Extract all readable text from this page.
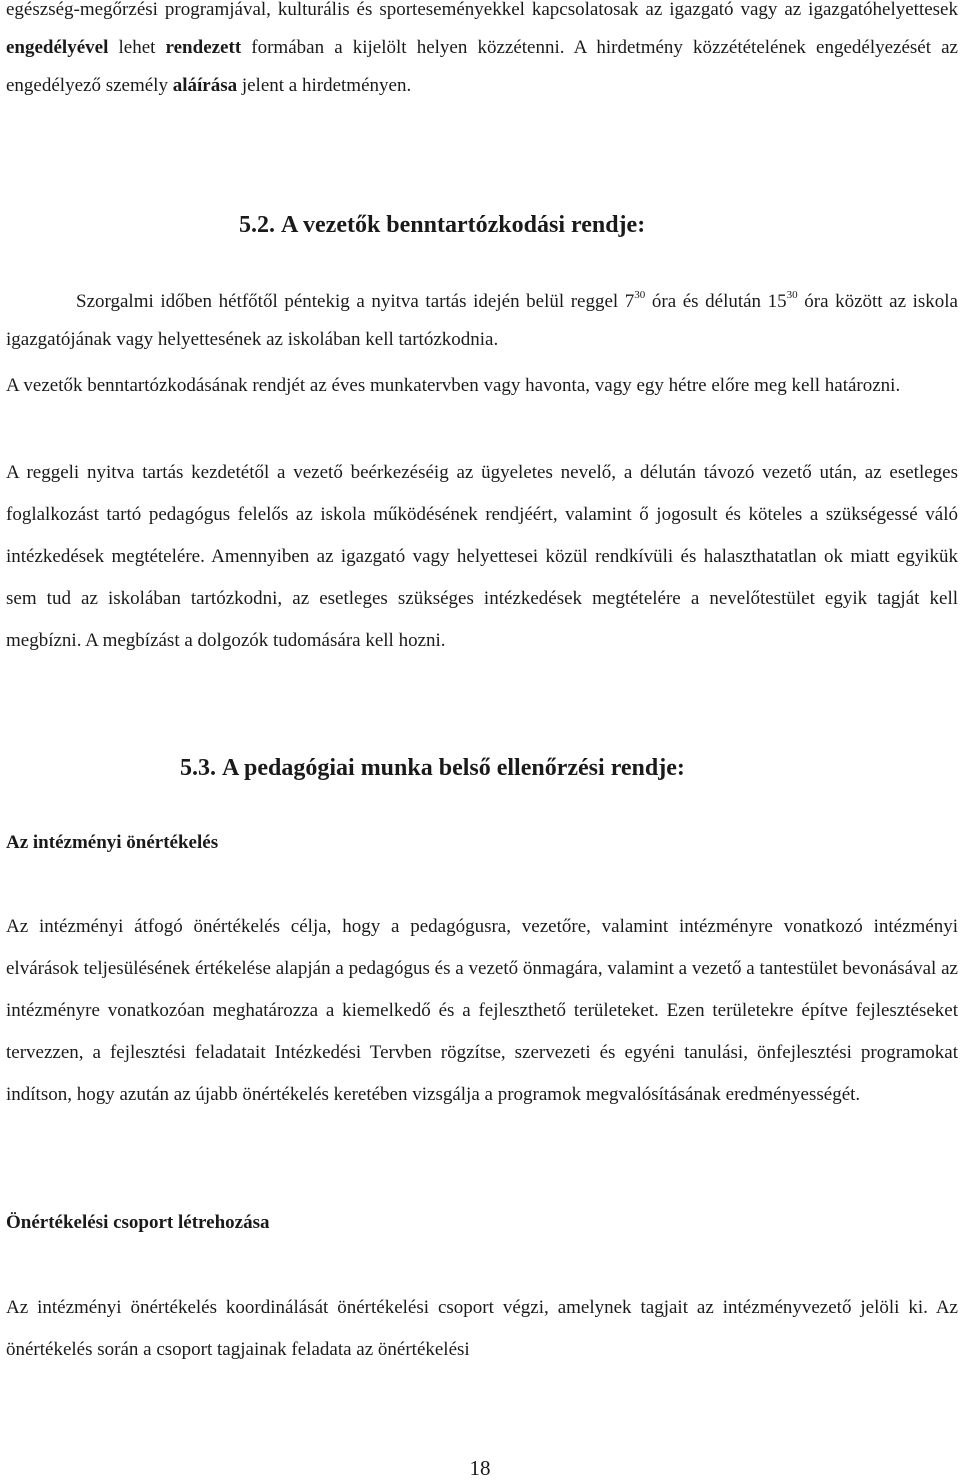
egészség-megőrzési programjával, kulturális és sporteseményekkel kapcsolatosak az igazgató vagy az igazgatóhelyettesek engedélyével lehet rendezett formában a kijelölt helyen közzétenni. A hirdetmény közzétételének engedélyezését az engedélyező személy aláírása jelent a hirdetményen.

5.2. A vezetők benntartózkodási rendje:

Szorgalmi időben hétfőtől péntekig a nyitva tartás idején belül reggel $7^{30}$ óra és délután $15^{30}$ óra között az iskola igazgatójának vagy helyettesének az iskolában kell tartózkodnia.

A vezetők benntartózkodásának rendjét az éves munkatervben vagy havonta, vagy egy hétre előre meg kell határozni.

A reggeli nyitva tartás kezdetétől a vezető beérkezéséig az ügyeletes nevelő, a délután távozó vezető után, az esetleges foglalkozást tartó pedagógus felelős az iskola működésének rendjéért, valamint ő jogosult és köteles a szükségessé váló intézkedések megtételére. Amennyiben az igazgató vagy helyettesei közül rendkívüli és halaszthatatlan ok miatt egyikük sem tud az iskolában tartózkodni, az esetleges szükséges intézkedések megtételére a nevelőtestület egyik tagját kell megbízni. A megbízást a dolgozók tudomására kell hozni.

5.3. A pedagógiai munka belső ellenőrzési rendje:
Az intézményi önértékelés

Az intézményi átfogó önértékelés célja, hogy a pedagógusra, vezetőre, valamint intézményre vonatkozó intézményi elvárások teljesülésének értékelése alapján a pedagógus és a vezető önmagára, valamint a vezető a tantestület bevonásával az intézményre vonatkozóan meghatározza a kiemelkedő és a fejleszthető területeket. Ezen területekre építve fejlesztéseket tervezzen, a fejlesztési feladatait Intézkedési Tervben rögzítse, szervezeti és egyéni tanulási, önfejlesztési programokat indítson, hogy azután az újabb önértékelés keretében vizsgálja a programok megvalósításának eredményességét.

Önértékelési csoport létrehozása

Az intézményi önértékelés koordinálását önértékelési csoport végzi, amelynek tagjait az intézményvezető jelöli ki. Az önértékelés során a csoport tagjainak feladata az önértékelési

18
